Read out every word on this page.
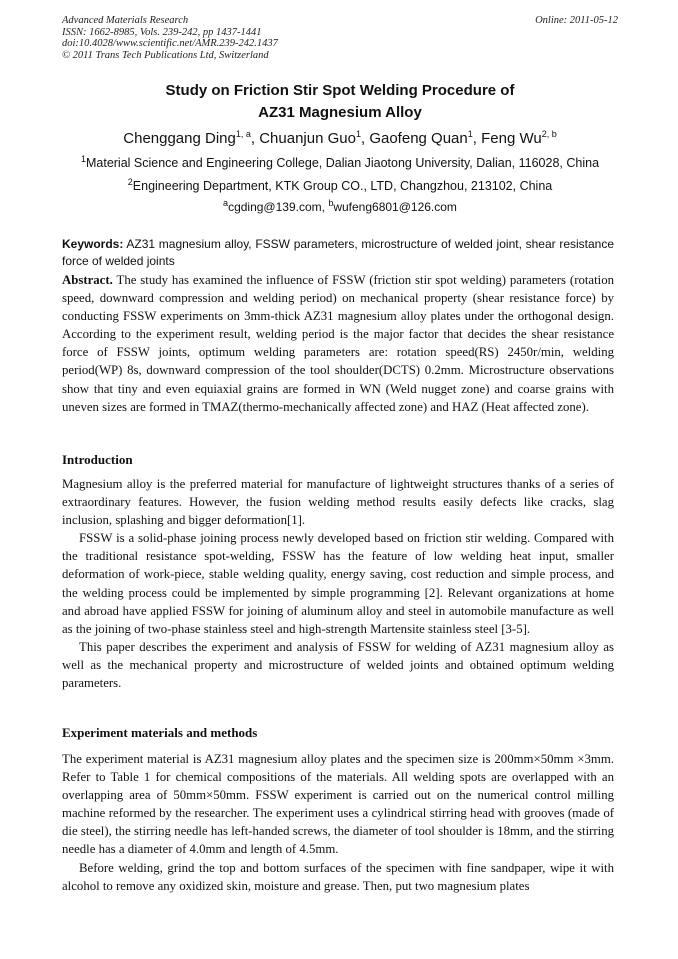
Advanced Materials Research
ISSN: 1662-8985, Vols. 239-242, pp 1437-1441
doi:10.4028/www.scientific.net/AMR.239-242.1437
© 2011 Trans Tech Publications Ltd, Switzerland
Online: 2011-05-12
Study on Friction Stir Spot Welding Procedure of
AZ31 Magnesium Alloy
Chenggang Ding$^{1, a}$, Chuanjun Guo$^1$, Gaofeng Quan$^1$, Feng Wu$^{2, b}$
$^1$Material Science and Engineering College, Dalian Jiaotong University, Dalian, 116028, China
$^2$Engineering Department, KTK Group CO., LTD, Changzhou, 213102, China
$^a$cgding@139.com, $^b$wufeng6801@126.com
Keywords: AZ31 magnesium alloy, FSSW parameters, microstructure of welded joint, shear resistance force of welded joints

Abstract. The study has examined the influence of FSSW (friction stir spot welding) parameters (rotation speed, downward compression and welding period) on mechanical property (shear resistance force) by conducting FSSW experiments on 3mm-thick AZ31 magnesium alloy plates under the orthogonal design. According to the experiment result, welding period is the major factor that decides the shear resistance force of FSSW joints, optimum welding parameters are: rotation speed(RS) 2450r/min, welding period(WP) 8s, downward compression of the tool shoulder(DCTS) 0.2mm. Microstructure observations show that tiny and even equiaxial grains are formed in WN (Weld nugget zone) and coarse grains with uneven sizes are formed in TMAZ(thermo-mechanically affected zone) and HAZ (Heat affected zone).

Introduction

Magnesium alloy is the preferred material for manufacture of lightweight structures thanks of a series of extraordinary features. However, the fusion welding method results easily defects like cracks, slag inclusion, splashing and bigger deformation[1].

FSSW is a solid-phase joining process newly developed based on friction stir welding. Compared with the traditional resistance spot-welding, FSSW has the feature of low welding heat input, smaller deformation of work-piece, stable welding quality, energy saving, cost reduction and simple process, and the welding process could be implemented by simple programming [2]. Relevant organizations at home and abroad have applied FSSW for joining of aluminum alloy and steel in automobile manufacture as well as the joining of two-phase stainless steel and high-strength Martensite stainless steel [3-5].

This paper describes the experiment and analysis of FSSW for welding of AZ31 magnesium alloy as well as the mechanical property and microstructure of welded joints and obtained optimum welding parameters.

Experiment materials and methods

The experiment material is AZ31 magnesium alloy plates and the specimen size is 200mm×50mm ×3mm. Refer to Table 1 for chemical compositions of the materials. All welding spots are overlapped with an overlapping area of 50mm×50mm. FSSW experiment is carried out on the numerical control milling machine reformed by the researcher. The experiment uses a cylindrical stirring head with grooves (made of die steel), the stirring needle has left-handed screws, the diameter of tool shoulder is 18mm, and the stirring needle has a diameter of 4.0mm and length of 4.5mm.

Before welding, grind the top and bottom surfaces of the specimen with fine sandpaper, wipe it with alcohol to remove any oxidized skin, moisture and grease. Then, put two magnesium plates
